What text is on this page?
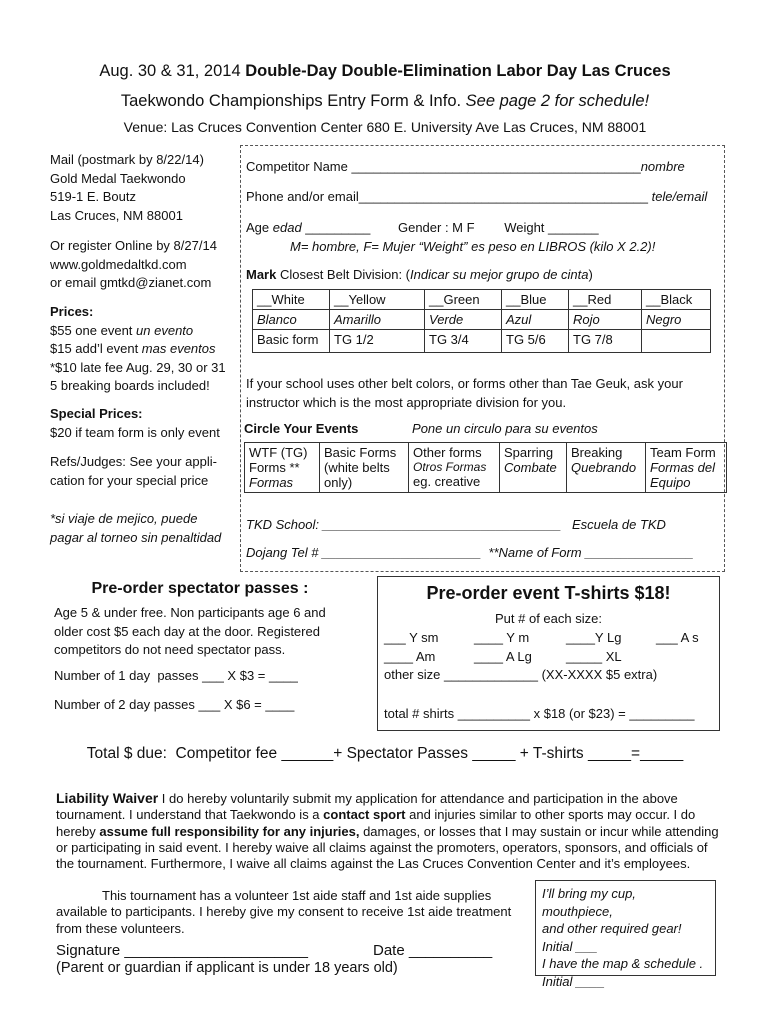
Aug. 30 & 31, 2014 Double-Day Double-Elimination Labor Day Las Cruces
Taekwondo Championships Entry Form & Info. See page 2 for schedule!
Venue: Las Cruces Convention Center 680 E. University Ave Las Cruces, NM 88001
Mail (postmark by 8/22/14)
Gold Medal Taekwondo
519-1 E. Boutz
Las Cruces, NM 88001
Or register Online by 8/27/14
www.goldmedaltkd.com
or email gmtkd@zianet.com
Prices:
$55 one event un evento
$15 add’l event mas eventos
*$10 late fee Aug. 29, 30 or 31
5 breaking boards included!
Special Prices:
$20 if team form is only event
Refs/Judges: See your appli-
cation for your special price
*si viaje de mejico, puede
pagar al torneo sin penaltidad
Competitor Name ________________________________________nombre
Phone and/or email________________________________________ tele/email
Age edad _________ Gender : M F Weight _______
M= hombre, F= Mujer “Weight” es peso en LIBROS (kilo X 2.2)!
Mark Closest Belt Division: (Indicar su mejor grupo de cinta)
__White	__Yellow	__Green	__Blue	__Red	__Black
Blanco	Amarillo	Verde	Azul	Rojo	Negro
Basic form	TG 1/2	TG 3/4	TG 5/6	TG 7/8	
If your school uses other belt colors, or forms other than Tae Geuk, ask your
instructor which is the most appropriate division for you.
Circle Your Events	Pone un circulo para su eventos
WTF (TG)
Forms **
Formas

Basic Forms
(white belts
only)

Other forms
Otros Formas
eg. creative

Sparring
Combate

Breaking
Quebrando

Team Form
Formas del
Equipo
TKD School: _________________________________   Escuela de TKD
Dojang Tel # ______________________  **Name of Form _______________
Pre-order spectator passes :
Age 5 & under free. Non participants age 6 and
older cost $5 each day at the door. Registered
competitors do not need spectator pass.
Number of 1 day  passes ___ X $3 = ____
Number of 2 day passes ___ X $6 = ____
Pre-order event T-shirts $18!
Put # of each size:
___ Y sm	____ Y m	____Y Lg	___ A s
____ Am	____ A Lg	_____ XL
other size _____________ (XX-XXXX $5 extra)
total # shirts __________ x $18 (or $23) = _________
Total $ due:  Competitor fee ______+ Spectator Passes _____ + T-shirts _____=_____
Liability Waiver I do hereby voluntarily submit my application for attendance and participation in the above tournament. I understand that Taekwondo is a contact sport and injuries similar to other sports may occur. I do hereby assume full responsibility for any injuries, damages, or losses that I may sustain or incur while attending or participating in said event. I hereby waive all claims against the promoters, operators, sponsors, and officials of the tournament. Furthermore, I waive all claims against the Las Cruces Convention Center and it’s employees.
This tournament has a volunteer 1st aide staff and 1st aide supplies available to participants. I hereby give my consent to receive 1st aide treatment from these volunteers.
Signature ______________________	Date __________
(Parent or guardian if applicant is under 18 years old)
I’ll bring my cup, mouthpiece,
and other required gear!
Initial ___
I have the map & schedule .
Initial ____
